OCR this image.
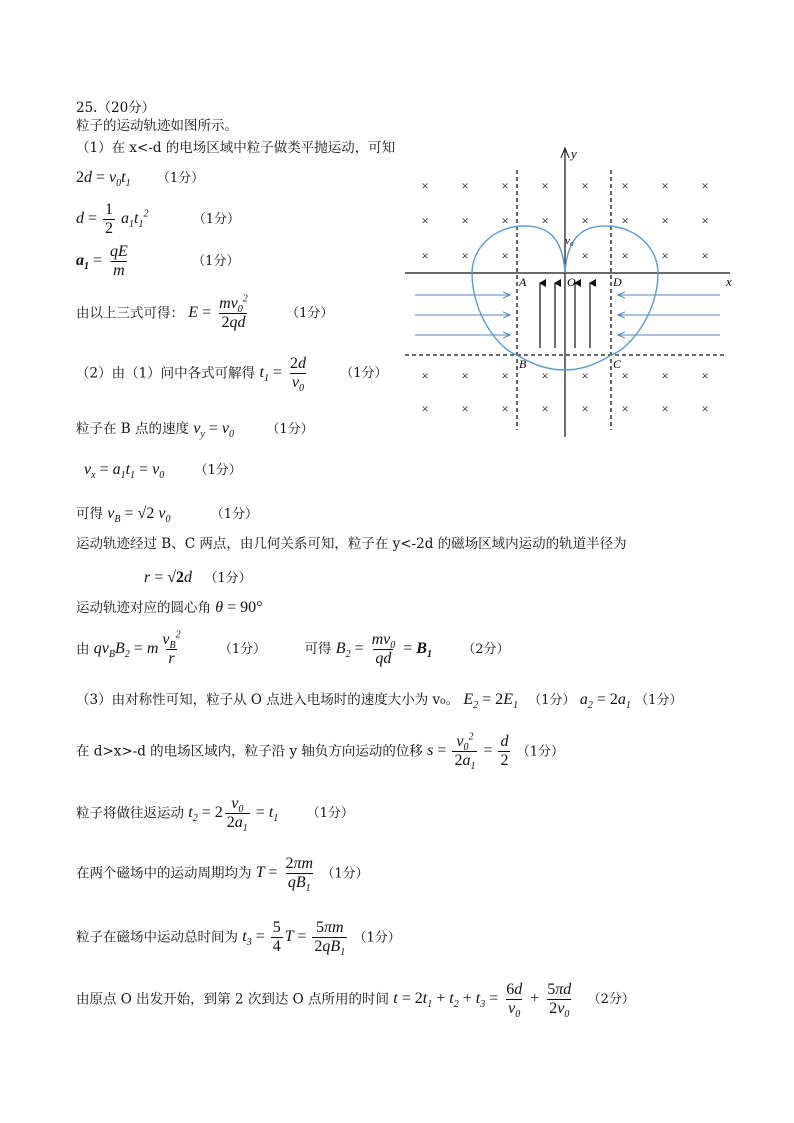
25.（20分）
粒子的运动轨迹如图所示。
（1）在 x<-d 的电场区域中粒子做类平抛运动，可知
$2d = v_0t_1$ （1分）
$d = \frac{1}{2} a_1t_1^2$	（1分）
$a_1 = \frac{qE}{m}$	（1分）
由以上三式可得： $E = \frac{mv_0^2}{2qd}$	（1分）
（2）由（1）问中各式可解得 $t_1 = \frac{2d}{v_0} (1$分）
粒子在 B 点的速度 $v_y = v_0$ （1分）
$v_x = a_1t_1 = v_0$ （1分）
可得 $v_B = √2$ $v_0$	（1分）
运动轨迹经过 B、C 两点，由几何关系可知，粒子在 y<-2d 的磁场区域内运动的轨道半径为
r = √2d （1分）
运动轨迹对应的圆心角 θ = 90°
由 $qv_BB_2 = m \frac{v_B^2}{r}$	（1分）	可得 $B_2 = \frac{mv_0}{qd} = B_1$ （2分）
（3）由对称性可知，粒子从 O 点进入电场时的速度大小为 v₀。 $E_2 = 2E_1$ （1分） $a_2 = 2a_1$ （1分）
在 d>x>-d 的电场区域内，粒子沿 y 轴负方向运动的位移 $s = \frac{v_0^2}{2a_1} = \frac{d}{2} (1$分）
粒子将做往返运动 $t_2 = 2 \frac{v_0}{2a_1} = t_1$ （1分）
在两个磁场中的运动周期均为 $T = \frac{2\pi m}{qB_1} (1$分）
粒子在磁场中运动总时间为 $t_3 = \frac{5}{4}$ $T = \frac{5\pi m}{2qB_1} (1$分）
由原点 O 出发开始，到第 2 次到达 O 点所用的时间 $t = 2t_1 + t_2 + t_3 = \frac{6d}{v_0} + \frac{5\pi d}{2v_0} (2$分）
×	×	×	×	×	×	×	×
×	×	×	×	×	×	×	×
×	×	×	×	×	×	×
×	×	×	×	×	×	×	×
×	×	×	×	×	×	×	×
x
y
A	O	D
B	C
v₀
